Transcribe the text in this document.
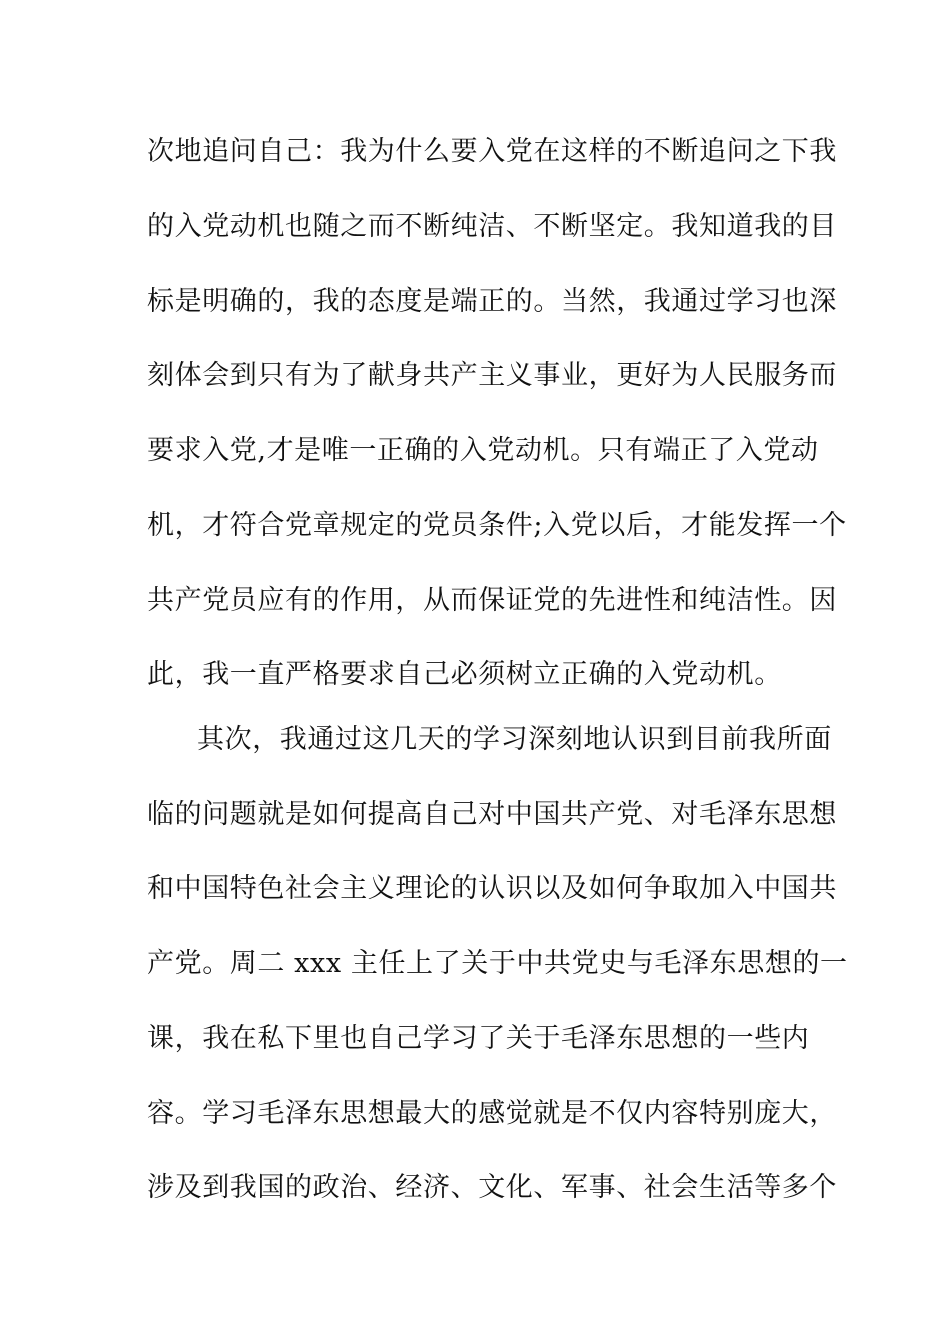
次地追问自己：我为什么要入党在这样的不断追问之下我
的入党动机也随之而不断纯洁、不断坚定。我知道我的目
标是明确的，我的态度是端正的。当然，我通过学习也深
刻体会到只有为了献身共产主义事业，更好为人民服务而
要求入党,才是唯一正确的入党动机。只有端正了入党动
机，才符合党章规定的党员条件;入党以后，才能发挥一个
共产党员应有的作用，从而保证党的先进性和纯洁性。因
此，我一直严格要求自己必须树立正确的入党动机。
其次，我通过这几天的学习深刻地认识到目前我所面
临的问题就是如何提高自己对中国共产党、对毛泽东思想
和中国特色社会主义理论的认识以及如何争取加入中国共
产党。周二 xxx 主任上了关于中共党史与毛泽东思想的一
课，我在私下里也自己学习了关于毛泽东思想的一些内
容。学习毛泽东思想最大的感觉就是不仅内容特别庞大，
涉及到我国的政治、经济、文化、军事、社会生活等多个
